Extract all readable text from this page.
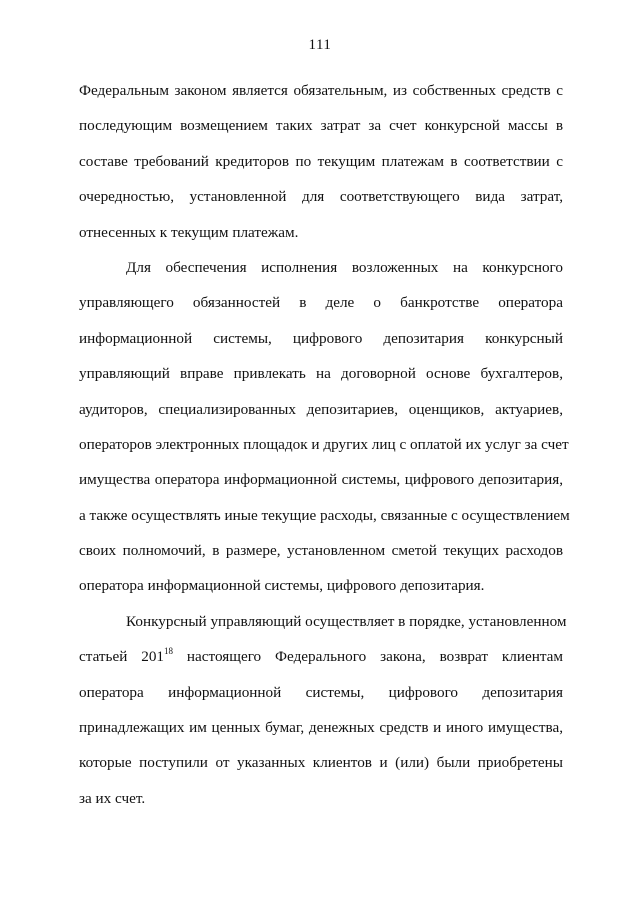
111
Федеральным законом является обязательным, из собственных средств с
последующим возмещением таких затрат за счет конкурсной массы в
составе требований кредиторов по текущим платежам в соответствии с
очередностью, установленной для соответствующего вида затрат,
отнесенных к текущим платежам.
Для обеспечения исполнения возложенных на конкурсного
управляющего обязанностей в деле о банкротстве оператора
информационной системы, цифрового депозитария конкурсный
управляющий вправе привлекать на договорной основе бухгалтеров,
аудиторов, специализированных депозитариев, оценщиков, актуариев,
операторов электронных площадок и других лиц с оплатой их услуг за счет
имущества оператора информационной системы, цифрового депозитария,
а также осуществлять иные текущие расходы, связанные с осуществлением
своих полномочий, в размере, установленном сметой текущих расходов
оператора информационной системы, цифрового депозитария.
Конкурсный управляющий осуществляет в порядке, установленном
статьей $201^{18}$ настоящего Федерального закона, возврат клиентам
оператора информационной системы, цифрового депозитария
принадлежащих им ценных бумаг, денежных средств и иного имущества,
которые поступили от указанных клиентов и (или) были приобретены
за их счет.
